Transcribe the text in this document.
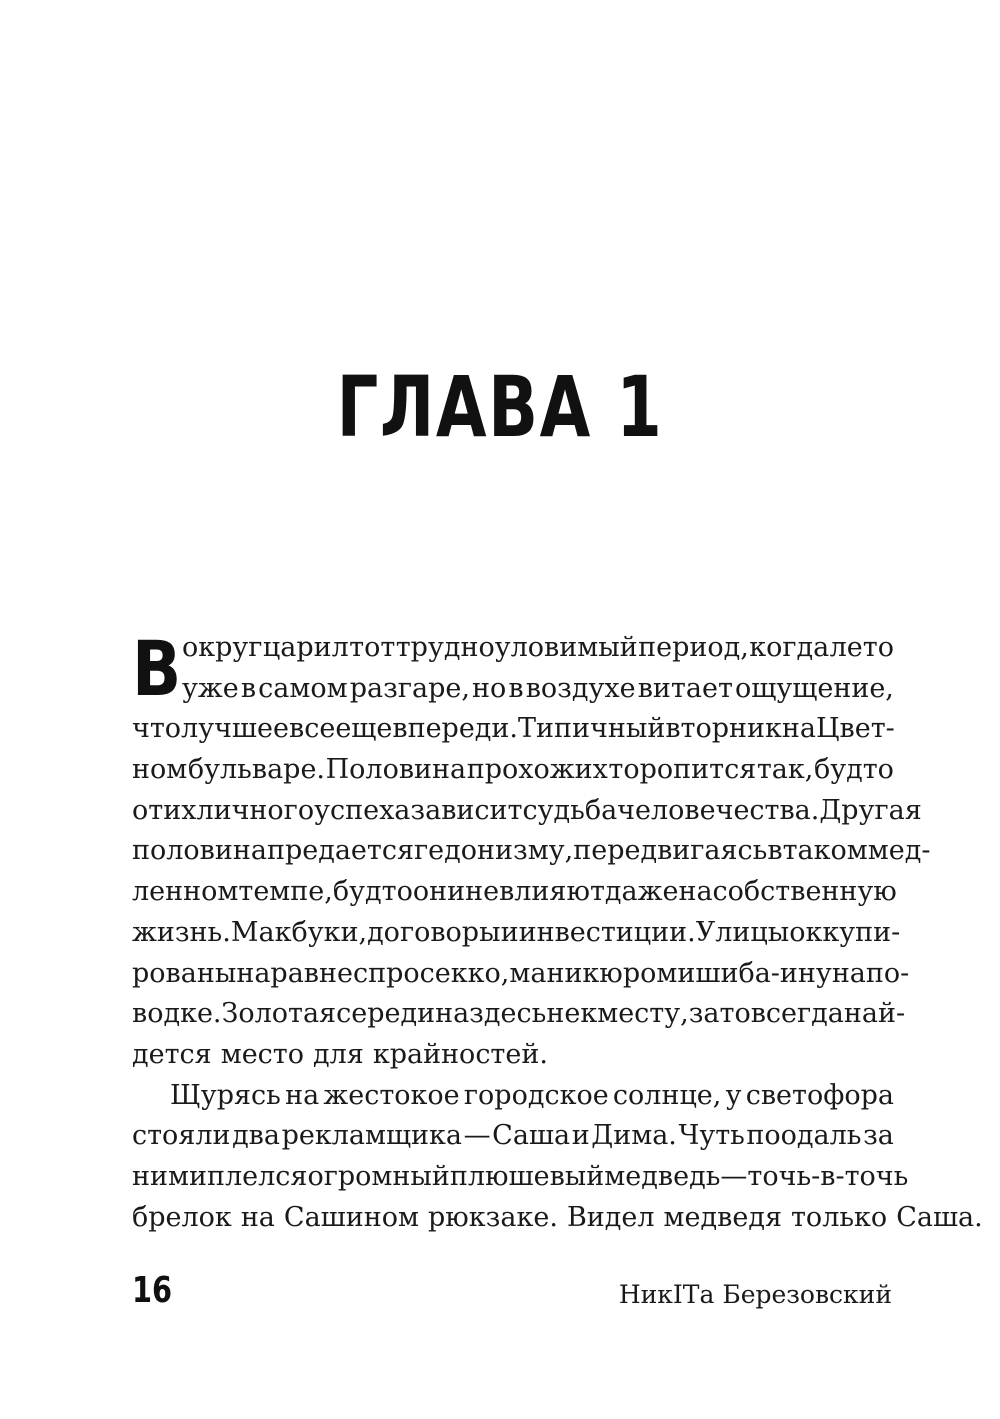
ГЛАВА 1
В округ царил тот трудноуловимый период, когда лето
уже в самом разгаре, но в воздухе витает ощущение,
что лучшее все еще впереди. Типичный вторник на Цвет-
ном бульваре. Половина прохожих торопится так, будто
от их личного успеха зависит судьба человечества. Другая
половина предается гедонизму, передвигаясь в таком мед-
ленном темпе, будто они не влияют даже на собственную
жизнь. Макбуки, договоры и инвестиции. Улицы оккупи-
рованы наравне с просекко, маникюром и шиба-ину на по-
водке. Золотая середина здесь не к месту, зато всегда най-
дется место для крайностей.
Щурясь на жестокое городское солнце, у светофора
стояли два рекламщика — Саша и Дима. Чуть поодаль за
ними плелся огромный плюшевый медведь — точь-в-точь
брелок на Сашином рюкзаке. Видел медведя только Саша.
16	НикIТа Березовский
